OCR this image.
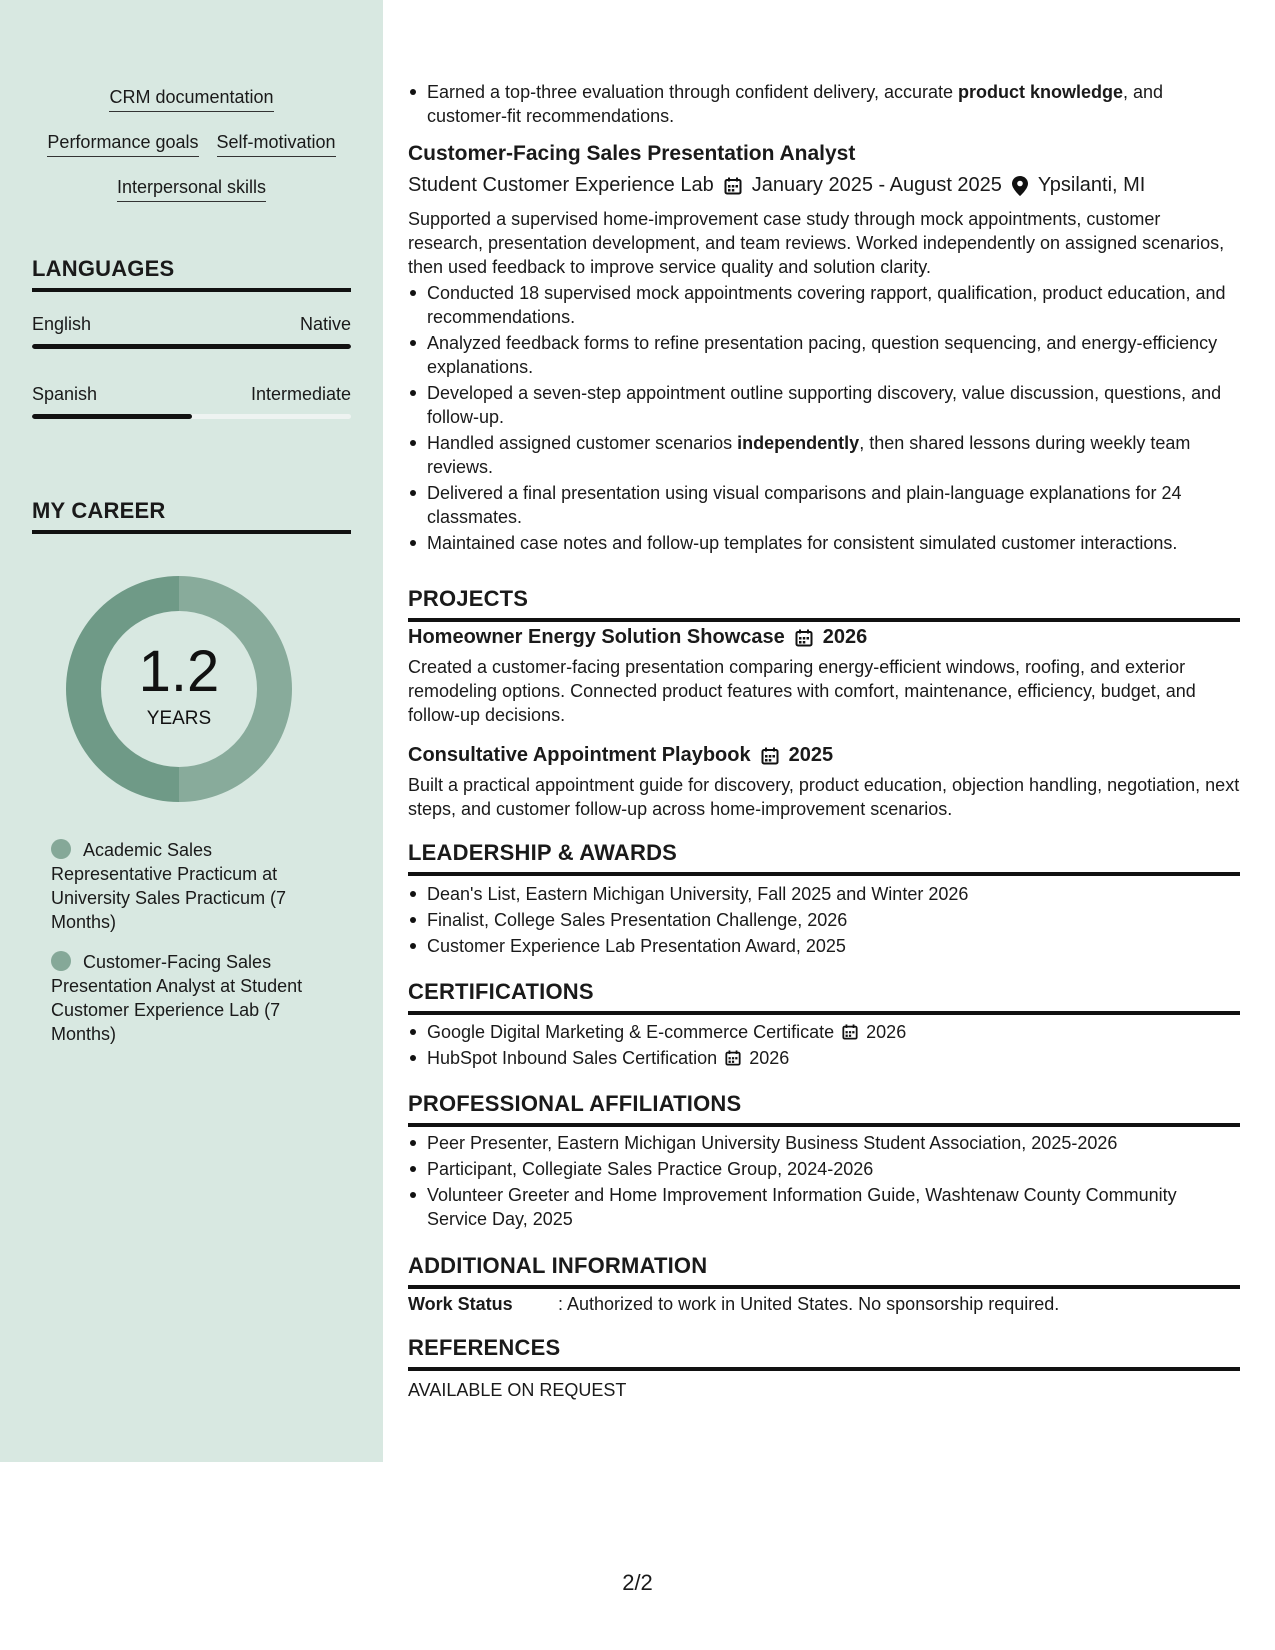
CRM documentation
Performance goals Self-motivation
Interpersonal skills
LANGUAGES
English	Native
Spanish	Intermediate
MY CAREER
1.2
YEARS
Academic Sales Representative Practicum at University Sales Practicum (7 Months)
Customer-Facing Sales Presentation Analyst at Student Customer Experience Lab (7 Months)
Earned a top-three evaluation through confident delivery, accurate product knowledge, and customer-fit recommendations.
Customer-Facing Sales Presentation Analyst
Student Customer Experience Lab January 2025 - August 2025 Ypsilanti, MI
Supported a supervised home-improvement case study through mock appointments, customer research, presentation development, and team reviews. Worked independently on assigned scenarios, then used feedback to improve service quality and solution clarity.
Conducted 18 supervised mock appointments covering rapport, qualification, product education, and recommendations.
Analyzed feedback forms to refine presentation pacing, question sequencing, and energy-efficiency explanations.
Developed a seven-step appointment outline supporting discovery, value discussion, questions, and follow-up.
Handled assigned customer scenarios independently, then shared lessons during weekly team reviews.
Delivered a final presentation using visual comparisons and plain-language explanations for 24 classmates.
Maintained case notes and follow-up templates for consistent simulated customer interactions.
PROJECTS
Homeowner Energy Solution Showcase 2026
Created a customer-facing presentation comparing energy-efficient windows, roofing, and exterior remodeling options. Connected product features with comfort, maintenance, efficiency, budget, and follow-up decisions.
Consultative Appointment Playbook 2025
Built a practical appointment guide for discovery, product education, objection handling, negotiation, next steps, and customer follow-up across home-improvement scenarios.
LEADERSHIP & AWARDS
Dean's List, Eastern Michigan University, Fall 2025 and Winter 2026
Finalist, College Sales Presentation Challenge, 2026
Customer Experience Lab Presentation Award, 2025
CERTIFICATIONS
Google Digital Marketing & E-commerce Certificate 2026
HubSpot Inbound Sales Certification 2026
PROFESSIONAL AFFILIATIONS
Peer Presenter, Eastern Michigan University Business Student Association, 2025-2026
Participant, Collegiate Sales Practice Group, 2024-2026
Volunteer Greeter and Home Improvement Information Guide, Washtenaw County Community Service Day, 2025
ADDITIONAL INFORMATION
Work Status	: Authorized to work in United States. No sponsorship required.
REFERENCES
AVAILABLE ON REQUEST
2/2
